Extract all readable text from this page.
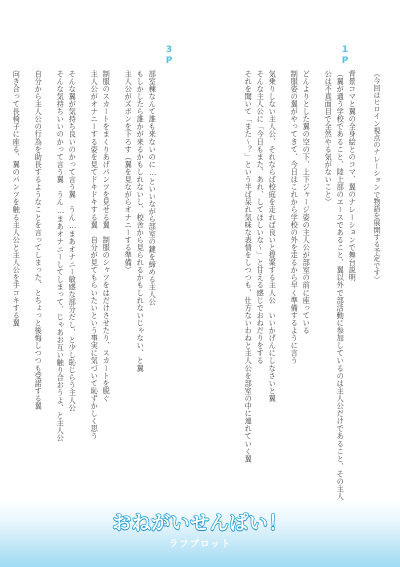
1P
（今回はヒロイン視点のナレーションで物語を展開する予定です）
背景コマと翼の全身絵とのコマ、翼のナレーションで舞台説明
（翼が通う学校であること、陸上部のエースであること、翼以外で部活動に参加しているのは主人公だけであること、その主人
公は不真面目で全然やる気がないこと）
どんよりとした翼の空の下、上下ジャージ姿の主人公が部室の前に座っている
制服姿の翼がやってきて、今日はこれから学校の外を走るから早く準備するように言う
気乗りしない主人公、それならば校庭を走れば良いと提案する主人公　いいかげんにしなさいと翼
そんな主人公に「今日もまた、あれ、してほしいな～」と甘える感じでおねだりをする
それを聞いて「また～？」という半ば呆れ気味な表情をしつつも、仕方ないわねと主人公を部室の中に連れていく翼
3P
部室棟なんて誰も来ないのに…といいながら部室の鍵を締める主人公
もしかしたら誰かが来るかもしれないし、校舎から見られるかもしれないじゃない、と翼
主人公がズボンを下ろす（翼を見ながらオナニーする準備）
制服のスカートをまくりあげパンツを見せる翼　制服のシャツをはだけさせたり、スカートを脱ぐ
主人公がオナニーする姿を見てドキドキする翼　自分が見てもらいたいという事実に気づいて恥ずかしく思う
そんな翼が気持ち良いのかって言う翼　うん…まあオナニー敏感な部分だし、と少し恥じらう主人公
そんな気持ちいいのかって言う翼　うん…まあオナニーしてしまって、じゃあお互い触り合おうよ、と主人公
自分から主人公の行為を助長するようなことを言ってしまった、とちょっと後悔しつつも受諾する翼
向き合って長椅子に座る、翼のパンツを触る主人公と主人公を手コキする翼
おねがいせんぱい！
ラフプロット
